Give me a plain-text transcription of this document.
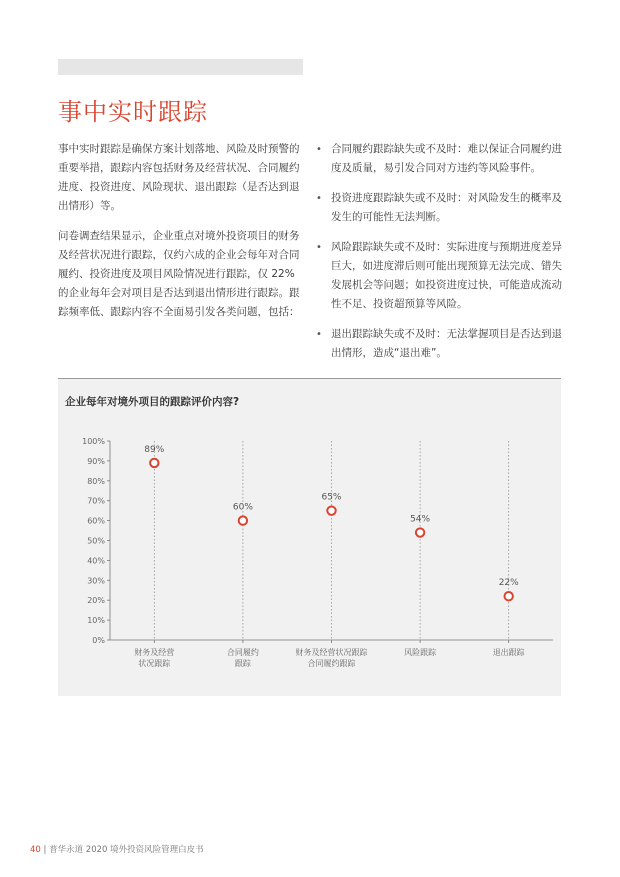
事中实时跟踪

事中实时跟踪是确保方案计划落地、风险及时预警的重要举措，跟踪内容包括财务及经营状况、合同履约进度、投资进度、风险现状、退出跟踪（是否达到退出情形）等。

问卷调查结果显示，企业重点对境外投资项目的财务及经营状况进行跟踪，仅约六成的企业会每年对合同履约、投资进度及项目风险情况进行跟踪，仅 22% 的企业每年会对项目是否达到退出情形进行跟踪。跟踪频率低、跟踪内容不全面易引发各类问题，包括：

• 合同履约跟踪缺失或不及时：难以保证合同履约进度及质量，易引发合同对方违约等风险事件。
• 投资进度跟踪缺失或不及时：对风险发生的概率及发生的可能性无法判断。
• 风险跟踪缺失或不及时：实际进度与预期进度差异巨大，如进度滞后则可能出现预算无法完成、错失发展机会等问题；如投资进度过快，可能造成流动性不足、投资超预算等风险。
• 退出跟踪缺失或不及时：无法掌握项目是否达到退出情形，造成“退出难”。
企业每年对境外项目的跟踪评价内容?
0%
10%
20%
30%
40%
50%
60%
70%
80%
90%
100%
财务及经营
状况跟踪
合同履约
跟踪
财务及经营状况跟踪
合同履约跟踪
风险跟踪	退出跟踪
89%
60%
65%
54%
22%
40 | 普华永道 2020 境外投资风险管理白皮书
